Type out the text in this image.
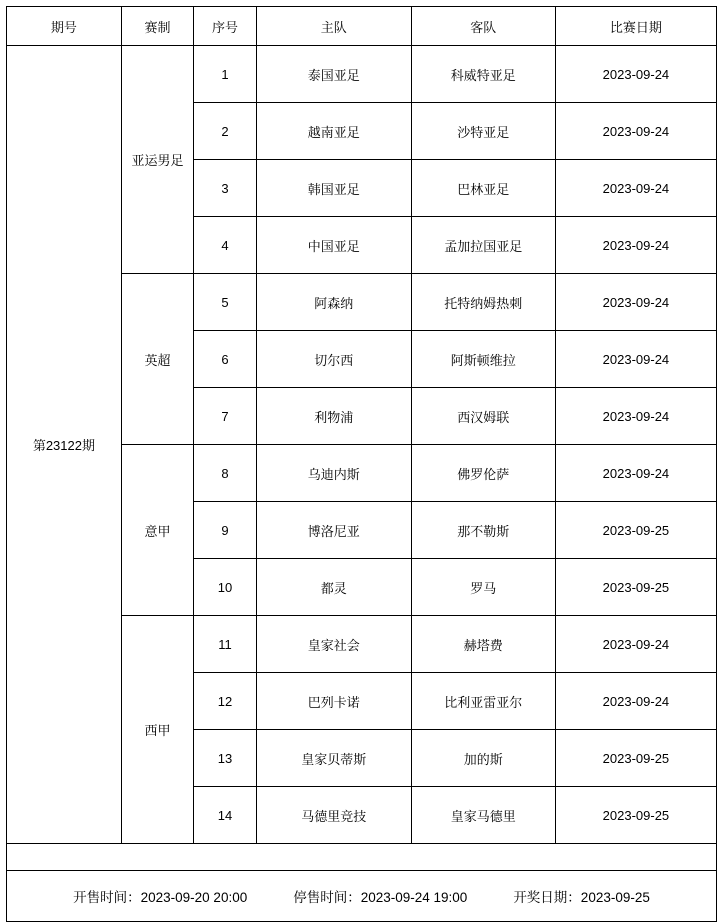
期号	赛制	序号	主队	客队	比赛日期
第23122期	亚运男足	1	泰国亚足	科威特亚足	2023-09-24
		2	越南亚足	沙特亚足	2023-09-24
		3	韩国亚足	巴林亚足	2023-09-24
		4	中国亚足	孟加拉国亚足	2023-09-24
	英超	5	阿森纳	托特纳姆热刺	2023-09-24
		6	切尔西	阿斯顿维拉	2023-09-24
		7	利物浦	西汉姆联	2023-09-24
	意甲	8	乌迪内斯	佛罗伦萨	2023-09-24
		9	博洛尼亚	那不勒斯	2023-09-25
		10	都灵	罗马	2023-09-25
	西甲	11	皇家社会	赫塔费	2023-09-24
		12	巴列卡诺	比利亚雷亚尔	2023-09-24
		13	皇家贝蒂斯	加的斯	2023-09-25
		14	马德里竞技	皇家马德里	2023-09-25

开售时间：2023-09-20 20:00 停售时间：2023-09-24 19:00 开奖日期：2023-09-25					
